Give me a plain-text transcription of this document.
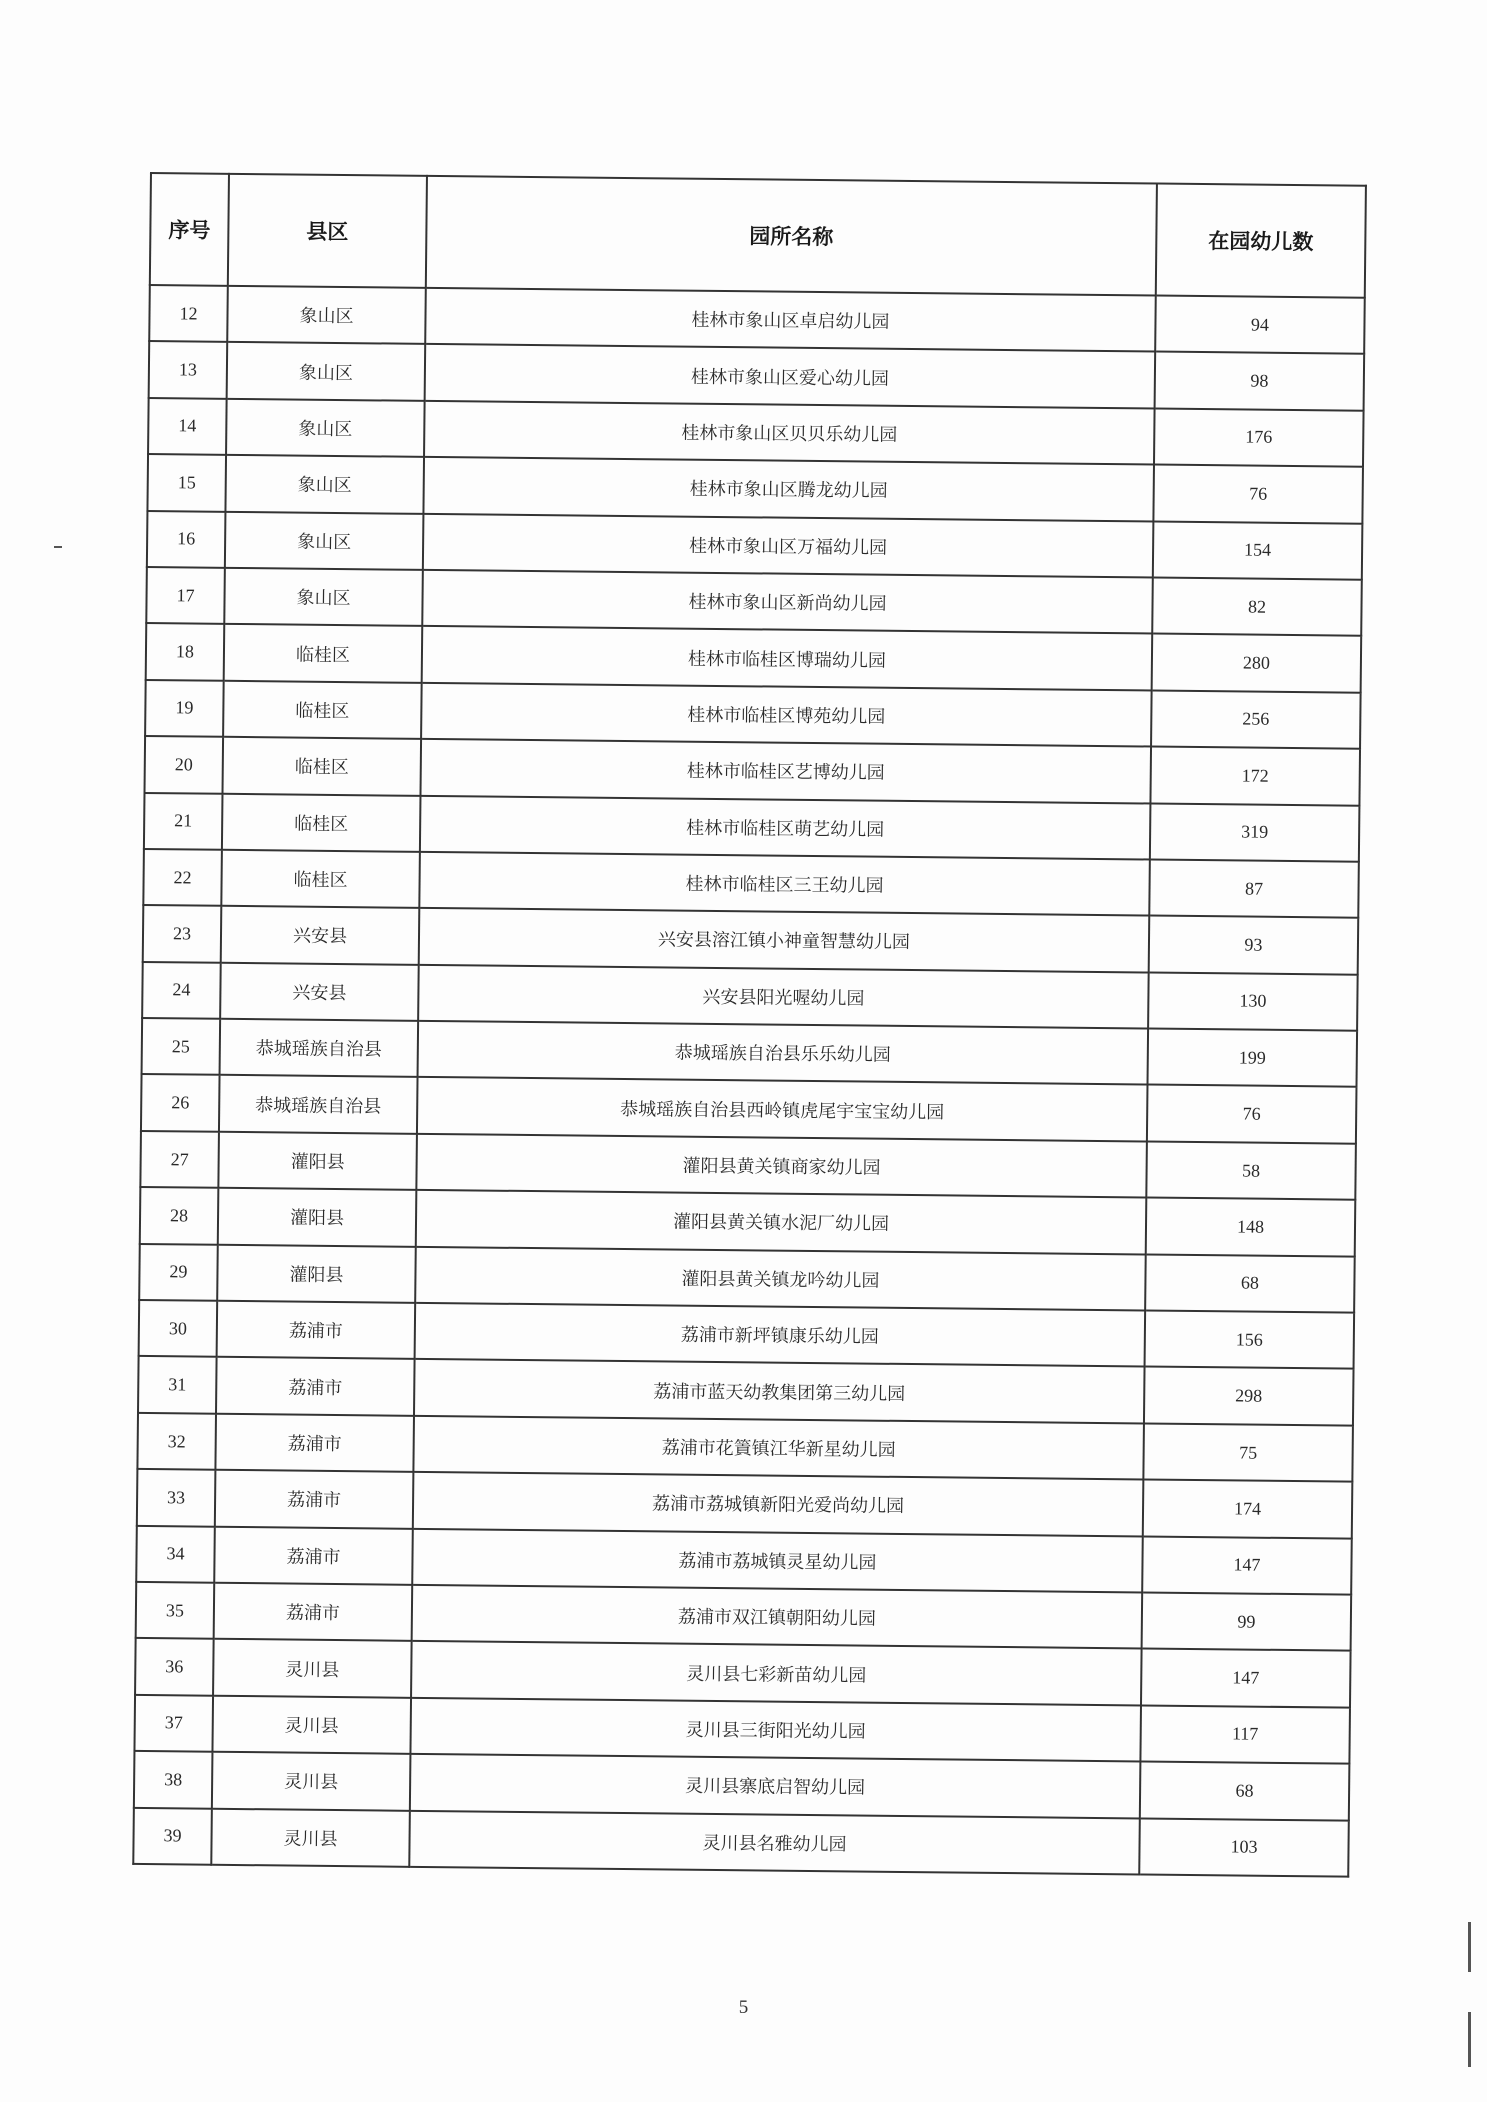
序号	县区	园所名称	在园幼儿数
12	象山区	桂林市象山区卓启幼儿园	94
13	象山区	桂林市象山区爱心幼儿园	98
14	象山区	桂林市象山区贝贝乐幼儿园	176
15	象山区	桂林市象山区腾龙幼儿园	76
16	象山区	桂林市象山区万福幼儿园	154
17	象山区	桂林市象山区新尚幼儿园	82
18	临桂区	桂林市临桂区博瑞幼儿园	280
19	临桂区	桂林市临桂区博苑幼儿园	256
20	临桂区	桂林市临桂区艺博幼儿园	172
21	临桂区	桂林市临桂区萌艺幼儿园	319
22	临桂区	桂林市临桂区三王幼儿园	87
23	兴安县	兴安县溶江镇小神童智慧幼儿园	93
24	兴安县	兴安县阳光喔幼儿园	130
25	恭城瑶族自治县	恭城瑶族自治县乐乐幼儿园	199
26	恭城瑶族自治县	恭城瑶族自治县西岭镇虎尾宇宝宝幼儿园	76
27	灌阳县	灌阳县黄关镇商家幼儿园	58
28	灌阳县	灌阳县黄关镇水泥厂幼儿园	148
29	灌阳县	灌阳县黄关镇龙吟幼儿园	68
30	荔浦市	荔浦市新坪镇康乐幼儿园	156
31	荔浦市	荔浦市蓝天幼教集团第三幼儿园	298
32	荔浦市	荔浦市花篢镇江华新星幼儿园	75
33	荔浦市	荔浦市荔城镇新阳光爱尚幼儿园	174
34	荔浦市	荔浦市荔城镇灵星幼儿园	147
35	荔浦市	荔浦市双江镇朝阳幼儿园	99
36	灵川县	灵川县七彩新苗幼儿园	147
37	灵川县	灵川县三街阳光幼儿园	117
38	灵川县	灵川县寨底启智幼儿园	68
39	灵川县	灵川县名雅幼儿园	103
5
